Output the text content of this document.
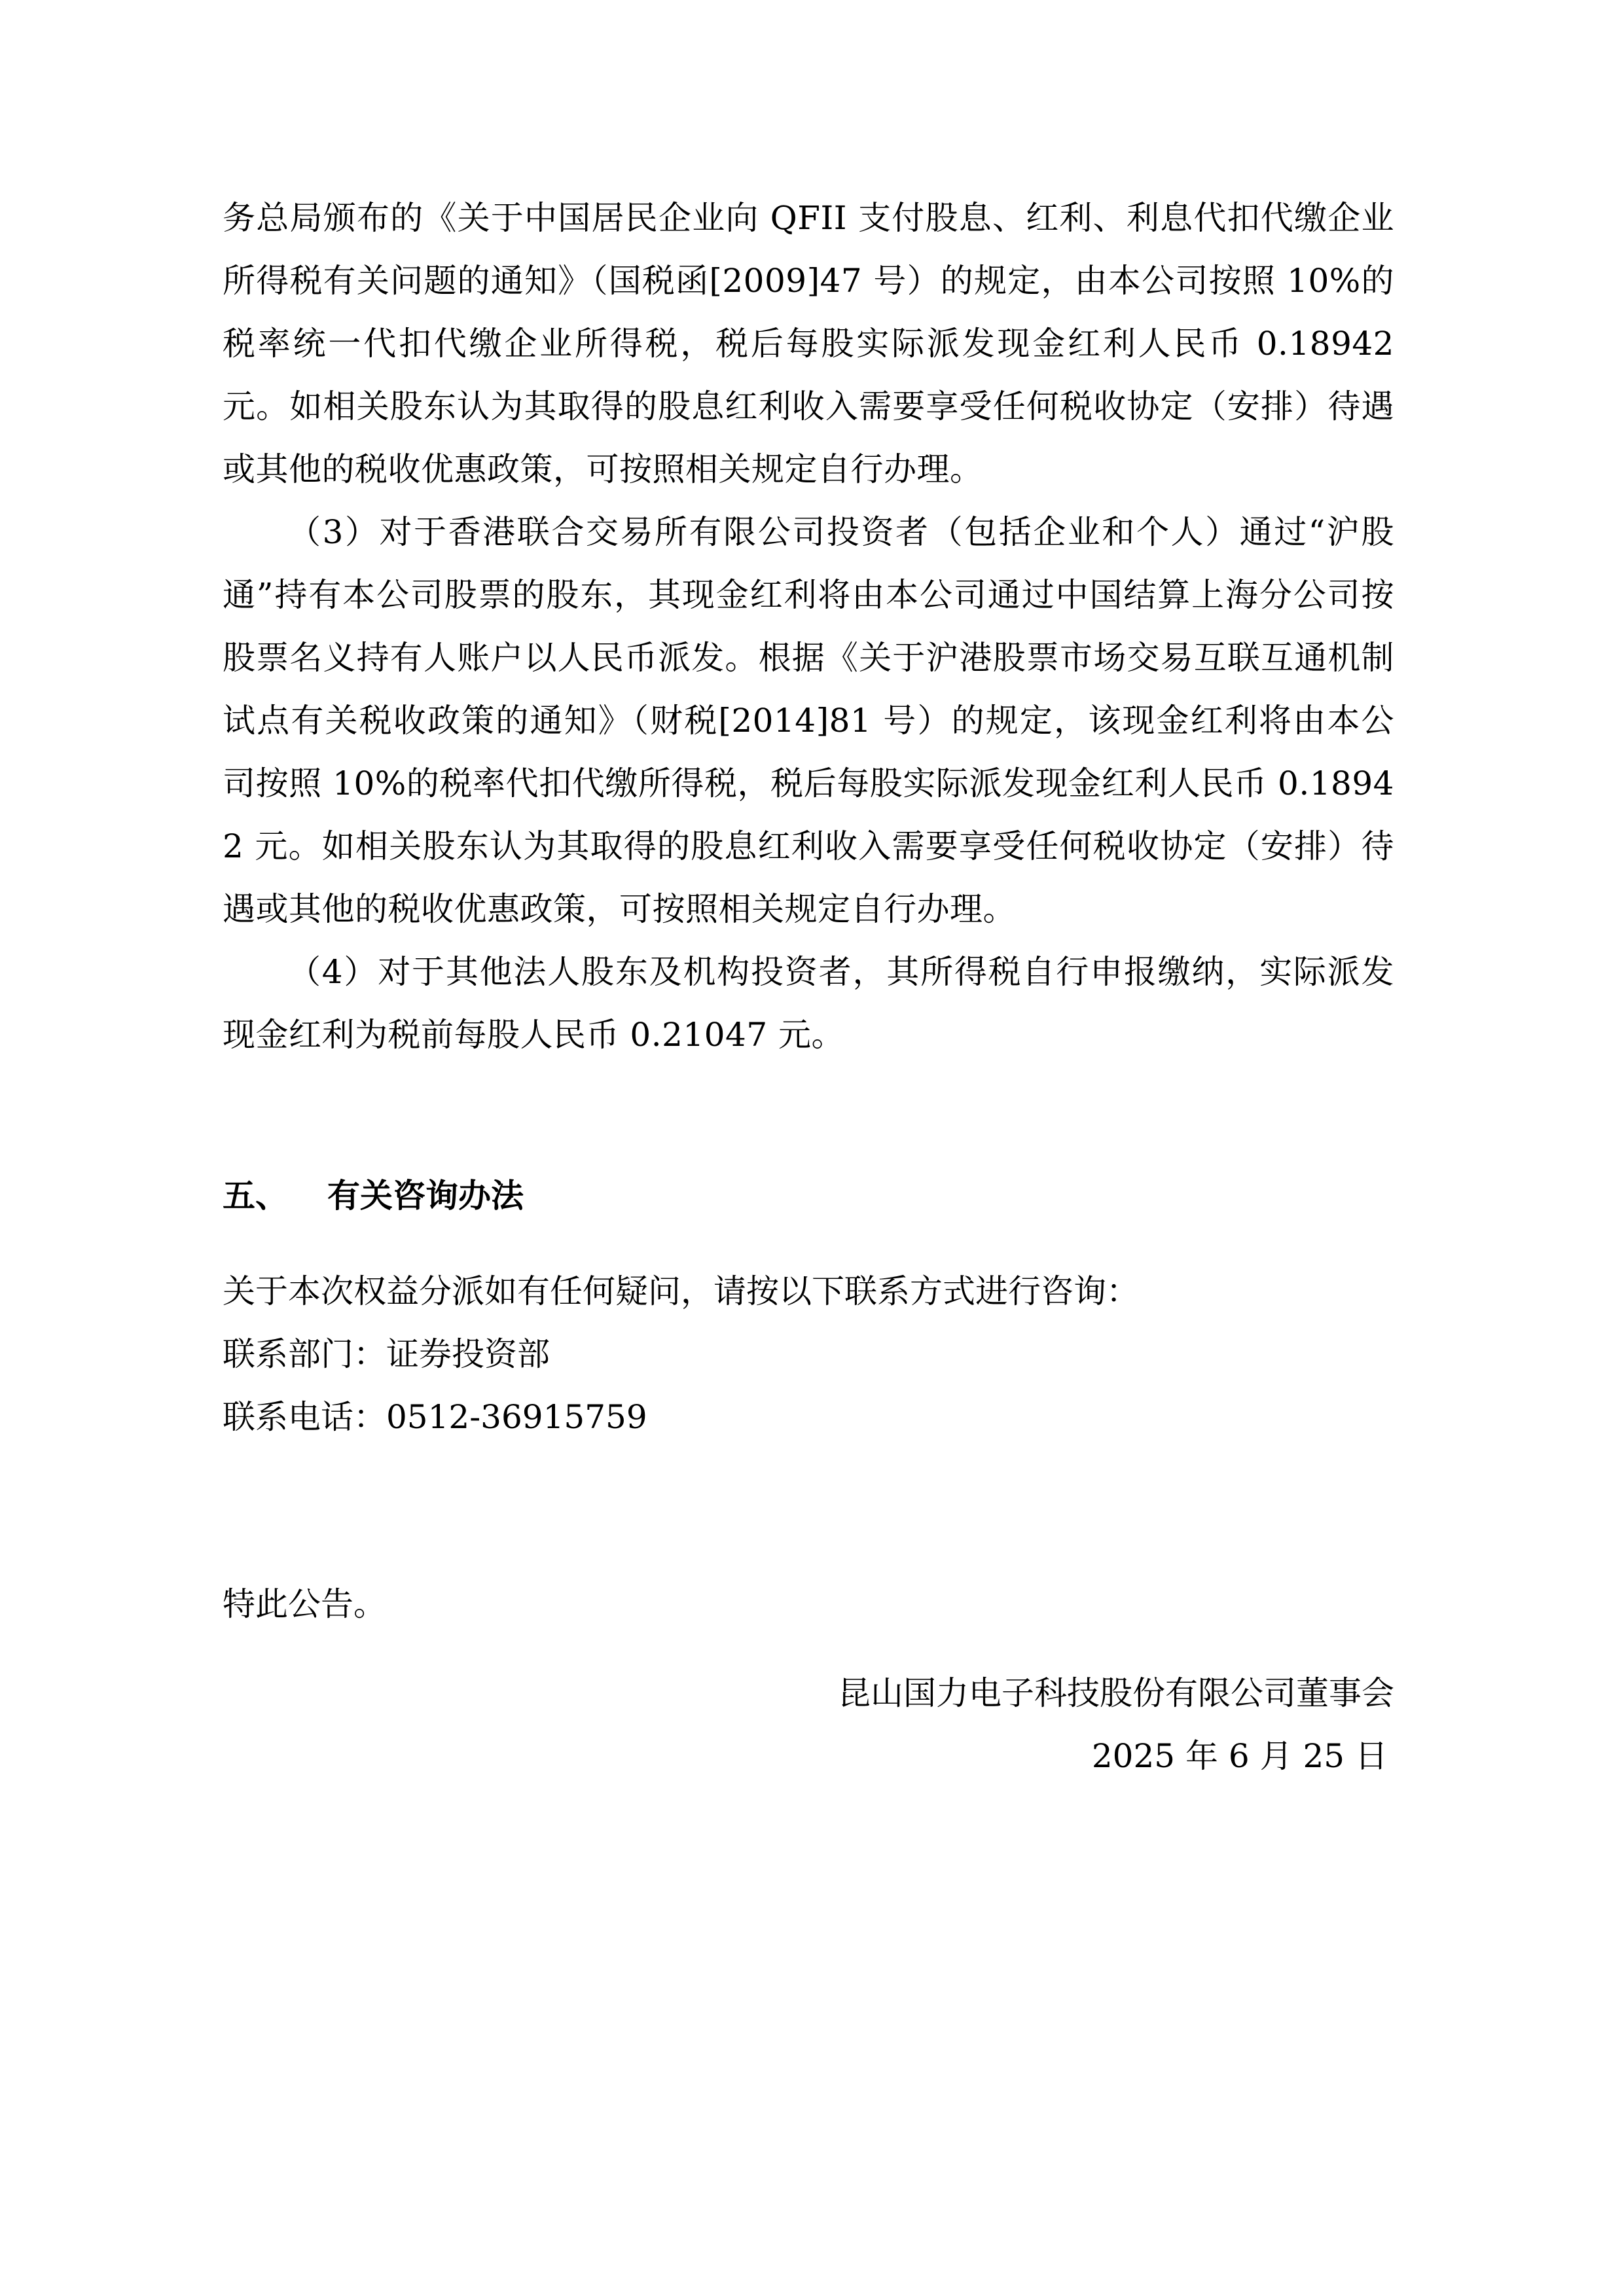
务总局颁布的《关于中国居民企业向 QFII 支付股息、红利、利息代扣代缴企业所得税有关问题的通知》（国税函[2009]47 号）的规定，由本公司按照 10%的税率统一代扣代缴企业所得税，税后每股实际派发现金红利人民币 0.18942 元。如相关股东认为其取得的股息红利收入需要享受任何税收协定（安排）待遇或其他的税收优惠政策，可按照相关规定自行办理。

（3）对于香港联合交易所有限公司投资者（包括企业和个人）通过“沪股通”持有本公司股票的股东，其现金红利将由本公司通过中国结算上海分公司按股票名义持有人账户以人民币派发。根据《关于沪港股票市场交易互联互通机制试点有关税收政策的通知》（财税[2014]81 号）的规定，该现金红利将由本公司按照 10%的税率代扣代缴所得税，税后每股实际派发现金红利人民币 0.18942 元。如相关股东认为其取得的股息红利收入需要享受任何税收协定（安排）待遇或其他的税收优惠政策，可按照相关规定自行办理。

（4）对于其他法人股东及机构投资者，其所得税自行申报缴纳，实际派发现金红利为税前每股人民币 0.21047 元。

五、	有关咨询办法

关于本次权益分派如有任何疑问，请按以下联系方式进行咨询：

联系部门：证券投资部

联系电话：0512-36915759

特此公告。

昆山国力电子科技股份有限公司董事会

2025 年 6 月 25 日
